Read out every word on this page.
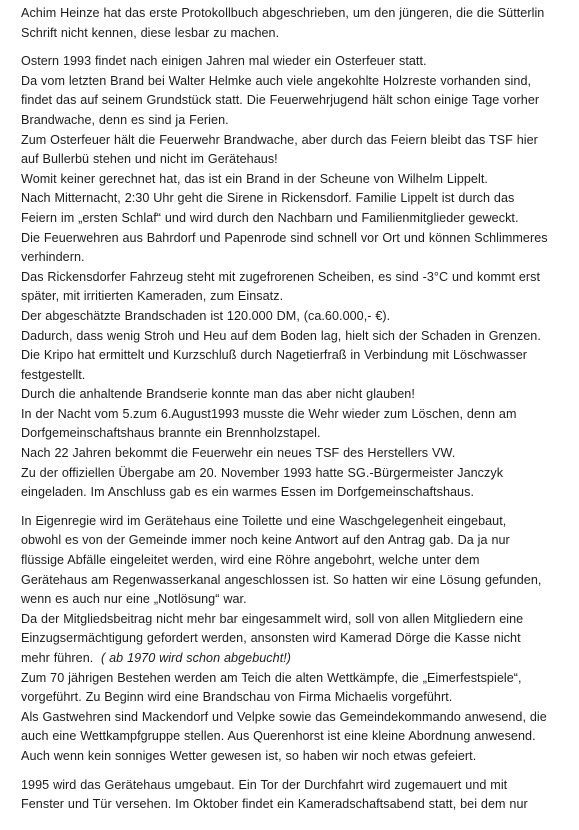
Achim Heinze hat das erste Protokollbuch abgeschrieben, um den jüngeren, die die Sütterlin
Schrift nicht kennen, diese lesbar zu machen.

Ostern 1993 findet nach einigen Jahren mal wieder ein Osterfeuer statt.
Da vom letzten Brand bei Walter Helmke auch viele angekohlte Holzreste vorhanden sind,
findet das auf seinem Grundstück statt. Die Feuerwehrjugend hält schon einige Tage vorher
Brandwache, denn es sind ja Ferien.
Zum Osterfeuer hält die Feuerwehr Brandwache, aber durch das Feiern bleibt das TSF hier
auf Bullerbü stehen und nicht im Gerätehaus!
Womit keiner gerechnet hat, das ist ein Brand in der Scheune von Wilhelm Lippelt.
Nach Mitternacht, 2:30 Uhr geht die Sirene in Rickensdorf. Familie Lippelt ist durch das
Feiern im „ersten Schlaf“ und wird durch den Nachbarn und Familienmitglieder geweckt.
Die Feuerwehren aus Bahrdorf und Papenrode sind schnell vor Ort und können Schlimmeres
verhindern.
Das Rickensdorfer Fahrzeug steht mit zugefrorenen Scheiben, es sind -3°C und kommt erst
später, mit irritierten Kameraden, zum Einsatz.
Der abgeschätzte Brandschaden ist 120.000 DM, (ca.60.000,- €).
Dadurch, dass wenig Stroh und Heu auf dem Boden lag, hielt sich der Schaden in Grenzen.
Die Kripo hat ermittelt und Kurzschluß durch Nagetierfraß in Verbindung mit Löschwasser
festgestellt.
Durch die anhaltende Brandserie konnte man das aber nicht glauben!
In der Nacht vom 5.zum 6.August1993 musste die Wehr wieder zum Löschen, denn am
Dorfgemeinschaftshaus brannte ein Brennholzstapel.
Nach 22 Jahren bekommt die Feuerwehr ein neues TSF des Herstellers VW.
Zu der offiziellen Übergabe am 20. November 1993 hatte SG.-Bürgermeister Janczyk
eingeladen. Im Anschluss gab es ein warmes Essen im Dorfgemeinschaftshaus.

In Eigenregie wird im Gerätehaus eine Toilette und eine Waschgelegenheit eingebaut,
obwohl es von der Gemeinde immer noch keine Antwort auf den Antrag gab. Da ja nur
flüssige Abfälle eingeleitet werden, wird eine Röhre angebohrt, welche unter dem
Gerätehaus am Regenwasserkanal angeschlossen ist. So hatten wir eine Lösung gefunden,
wenn es auch nur eine „Notlösung“ war.
Da der Mitgliedsbeitrag nicht mehr bar eingesammelt wird, soll von allen Mitgliedern eine
Einzugsermächtigung gefordert werden, ansonsten wird Kamerad Dörge die Kasse nicht
mehr führen. ( ab 1970 wird schon abgebucht!)
Zum 70 jährigen Bestehen werden am Teich die alten Wettkämpfe, die „Eimerfestspiele“,
vorgeführt. Zu Beginn wird eine Brandschau von Firma Michaelis vorgeführt.
Als Gastwehren sind Mackendorf und Velpke sowie das Gemeindekommando anwesend, die
auch eine Wettkampfgruppe stellen. Aus Querenhorst ist eine kleine Abordnung anwesend.
Auch wenn kein sonniges Wetter gewesen ist, so haben wir noch etwas gefeiert.

1995 wird das Gerätehaus umgebaut. Ein Tor der Durchfahrt wird zugemauert und mit
Fenster und Tür versehen. Im Oktober findet ein Kameradschaftsabend statt, bei dem nur
